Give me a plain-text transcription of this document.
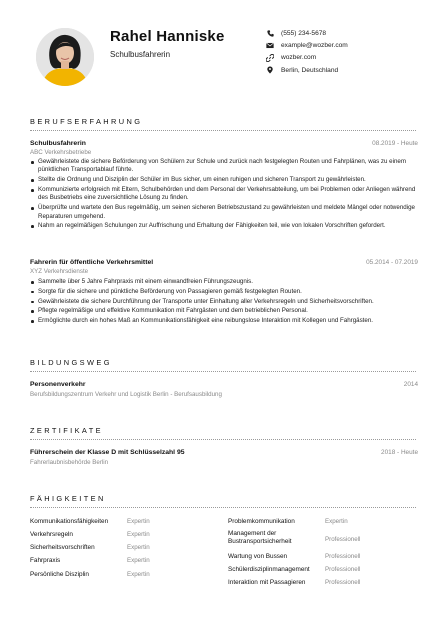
Rahel Hanniske
Schulbusfahrerin
(555) 234-5678
example@wozber.com
wozber.com
Berlin, Deutschland
BERUFSERFAHRUNG
Schulbusfahrerin	08.2019 - Heute
ABC Verkehrsbetriebe
Gewährleistete die sichere Beförderung von Schülern zur Schule und zurück nach festgelegten Routen und Fahrplänen, was zu einem pünktlichen Transportablauf führte.
Stellte die Ordnung und Disziplin der Schüler im Bus sicher, um einen ruhigen und sicheren Transport zu gewährleisten.
Kommunizierte erfolgreich mit Eltern, Schulbehörden und dem Personal der Verkehrsabteilung, um bei Problemen oder Anliegen während des Busbetriebs eine zuversichtliche Lösung zu finden.
Überprüfte und wartete den Bus regelmäßig, um seinen sicheren Betriebszustand zu gewährleisten und meldete Mängel oder notwendige Reparaturen umgehend.
Nahm an regelmäßigen Schulungen zur Auffrischung und Erhaltung der Fähigkeiten teil, wie von lokalen Vorschriften gefordert.
Fahrerin für öffentliche Verkehrsmittel	05.2014 - 07.2019
XYZ Verkehrsdienste
Sammelte über 5 Jahre Fahrpraxis mit einem einwandfreien Führungszeugnis.
Sorgte für die sichere und pünktliche Beförderung von Passagieren gemäß festgelegten Routen.
Gewährleistete die sichere Durchführung der Transporte unter Einhaltung aller Verkehrsregeln und Sicherheitsvorschriften.
Pflegte regelmäßige und effektive Kommunikation mit Fahrgästen und dem betrieblichen Personal.
Ermöglichte durch ein hohes Maß an Kommunikationsfähigkeit eine reibungslose Interaktion mit Kollegen und Fahrgästen.
BILDUNGSWEG
Personenverkehr	2014
Berufsbildungszentrum Verkehr und Logistik Berlin - Berufsausbildung
ZERTIFIKATE
Führerschein der Klasse D mit Schlüsselzahl 95	2018 - Heute
Fahrerlaubnisbehörde Berlin
FÄHIGKEITEN
Kommunikationsfähigkeiten	Expertin
Verkehrsregeln	Expertin
Sicherheitsvorschriften	Expertin
Fahrpraxis	Expertin
Persönliche Disziplin	Expertin
Problemkommunikation	Expertin
Management der Bustransportsicherheit	Professionell
Wartung von Bussen	Professionell
Schülerdisziplinmanagement Professionell
Interaktion mit Passagieren	Professionell
